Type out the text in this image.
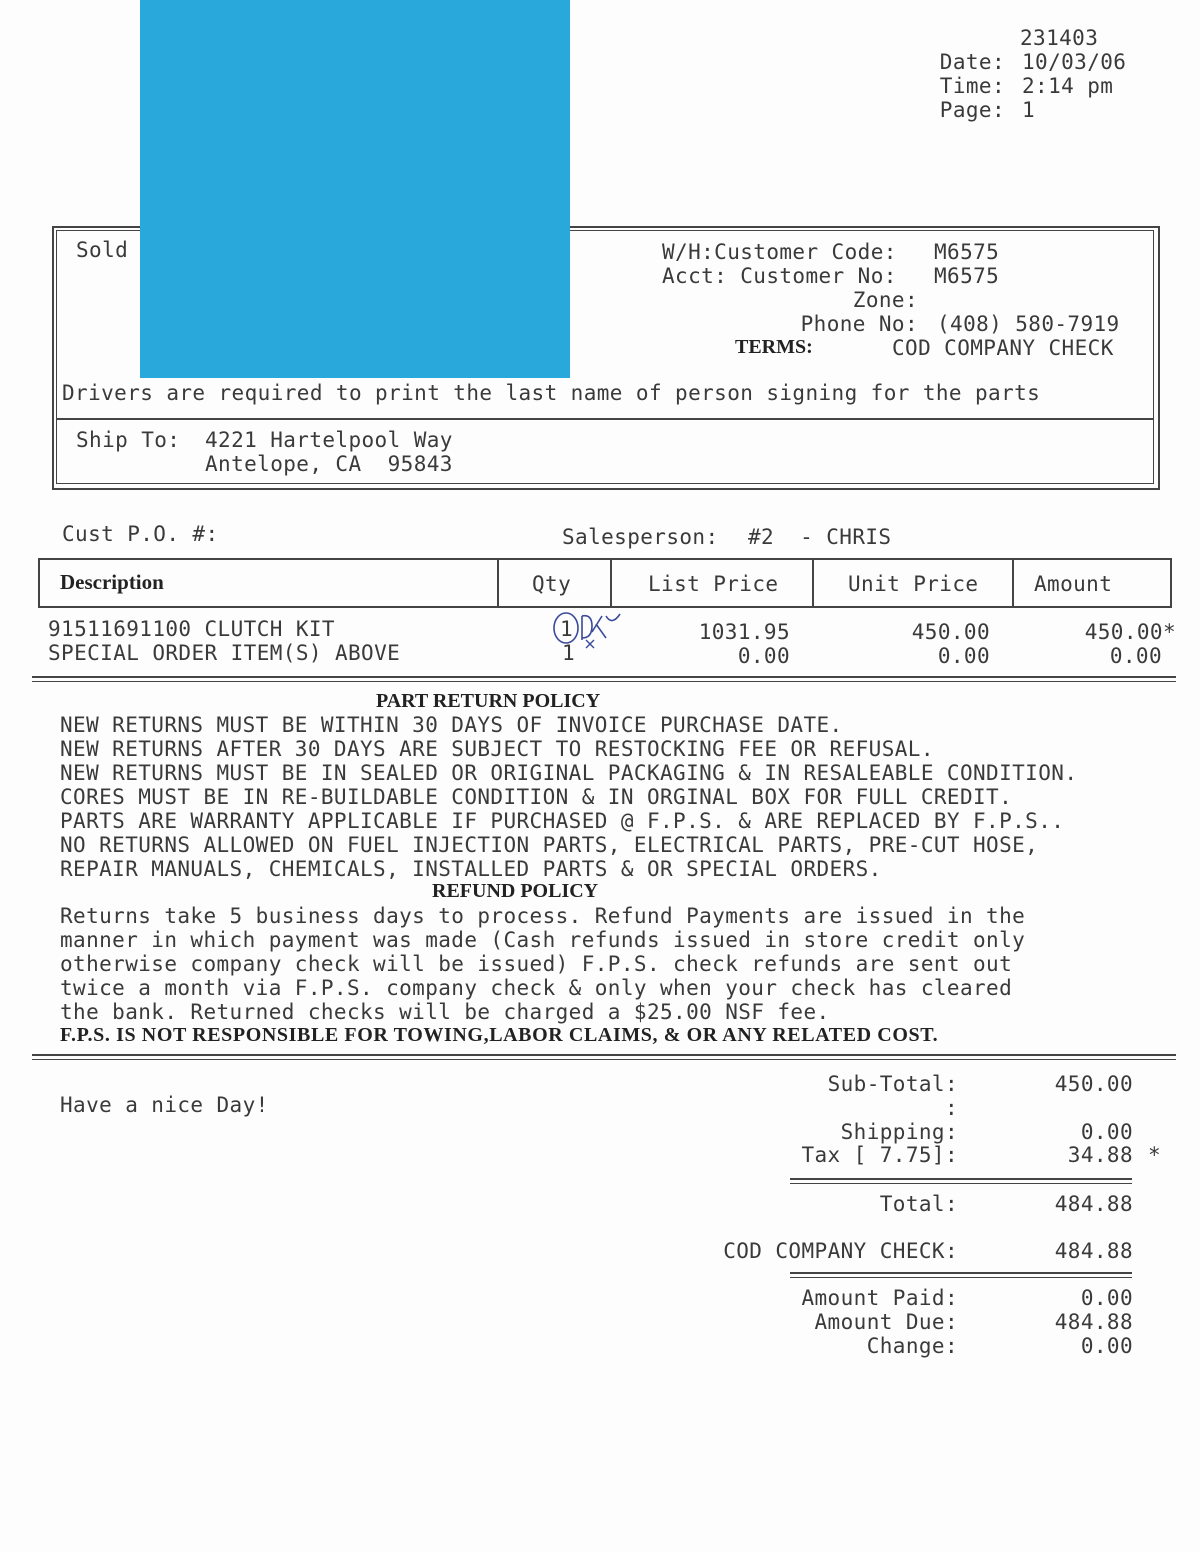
231403
Date: 10/03/06
Time: 2:14 pm
Page: 1
Sold	W/H:Customer Code: M6575
Acct: Customer No: M6575
Zone:
Phone No: (408) 580-7919
TERMS:	COD COMPANY CHECK
Drivers are required to print the last name of person signing for the parts
Ship To: 4221 Hartelpool Way
Antelope, CA  95843
Cust P.O. #:	Salesperson: #2  - CHRIS
Description	Qty	List Price	Unit Price	Amount
91511691100 CLUTCH KIT	1	1031.95	450.00	450.00*
SPECIAL ORDER ITEM(S) ABOVE	1	0.00	0.00	0.00
PART RETURN POLICY
NEW RETURNS MUST BE WITHIN 30 DAYS OF INVOICE PURCHASE DATE.
NEW RETURNS AFTER 30 DAYS ARE SUBJECT TO RESTOCKING FEE OR REFUSAL.
NEW RETURNS MUST BE IN SEALED OR ORIGINAL PACKAGING & IN RESALEABLE CONDITION.
CORES MUST BE IN RE-BUILDABLE CONDITION & IN ORGINAL BOX FOR FULL CREDIT.
PARTS ARE WARRANTY APPLICABLE IF PURCHASED @ F.P.S. & ARE REPLACED BY F.P.S..
NO RETURNS ALLOWED ON FUEL INJECTION PARTS, ELECTRICAL PARTS, PRE-CUT HOSE,
REPAIR MANUALS, CHEMICALS, INSTALLED PARTS & OR SPECIAL ORDERS.
REFUND POLICY
Returns take 5 business days to process. Refund Payments are issued in the
manner in which payment was made (Cash refunds issued in store credit only
otherwise company check will be issued) F.P.S. check refunds are sent out
twice a month via F.P.S. company check & only when your check has cleared
the bank. Returned checks will be charged a $25.00 NSF fee.
F.P.S. IS NOT RESPONSIBLE FOR TOWING,LABOR CLAIMS, & OR ANY RELATED COST.
Have a nice Day!
Sub-Total:	450.00
:
Shipping:	0.00
Tax [ 7.75]:	34.88 *
Total:	484.88
COD COMPANY CHECK:	484.88
Amount Paid:	0.00
Amount Due:	484.88
Change:	0.00
